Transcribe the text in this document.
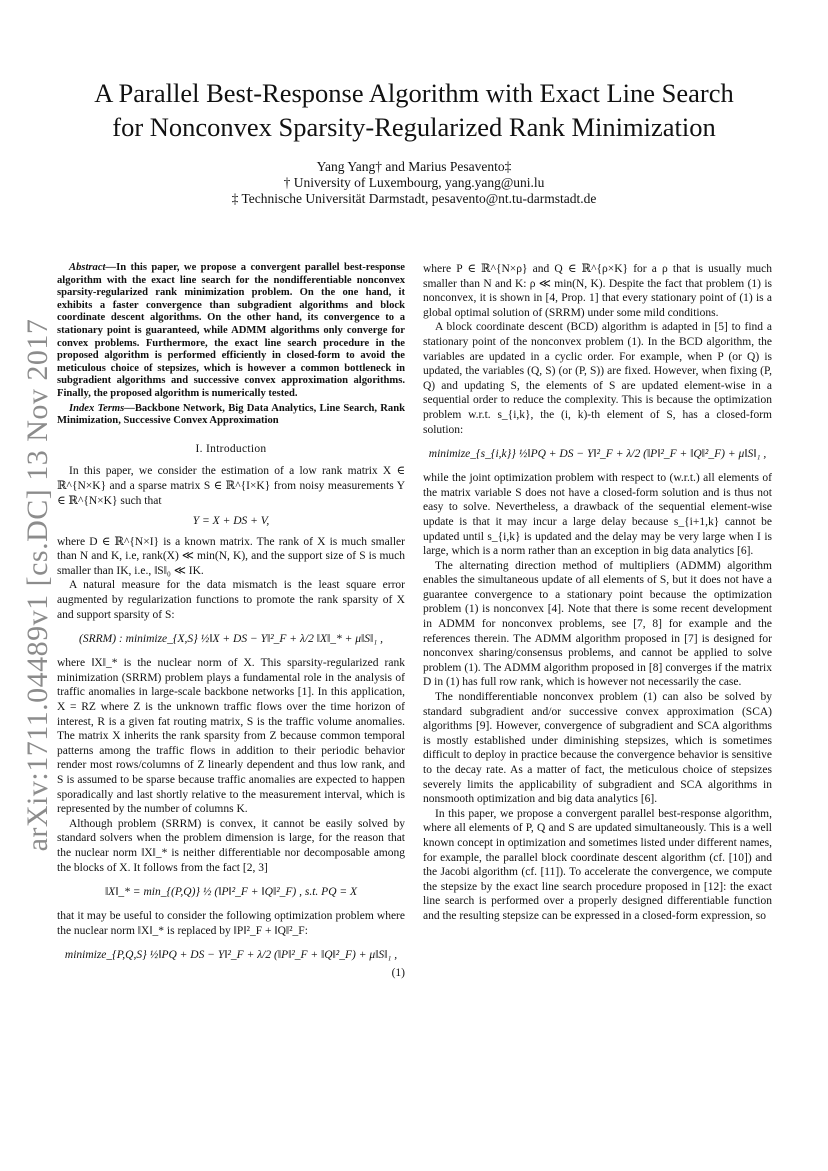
arXiv:1711.04489v1 [cs.DC] 13 Nov 2017
A Parallel Best-Response Algorithm with Exact Line Search
for Nonconvex Sparsity-Regularized Rank Minimization
Yang Yang† and Marius Pesavento‡
† University of Luxembourg, yang.yang@uni.lu
‡ Technische Universität Darmstadt, pesavento@nt.tu-darmstadt.de

Abstract—In this paper, we propose a convergent parallel best-response algorithm with the exact line search for the nondifferentiable nonconvex sparsity-regularized rank minimization problem. On the one hand, it exhibits a faster convergence than subgradient algorithms and block coordinate descent algorithms. On the other hand, its convergence to a stationary point is guaranteed, while ADMM algorithms only converge for convex problems. Furthermore, the exact line search procedure in the proposed algorithm is performed efficiently in closed-form to avoid the meticulous choice of stepsizes, which is however a common bottleneck in subgradient algorithms and successive convex approximation algorithms. Finally, the proposed algorithm is numerically tested.

Index Terms—Backbone Network, Big Data Analytics, Line Search, Rank Minimization, Successive Convex Approximation

I. Introduction

In this paper, we consider the estimation of a low rank matrix X ∈ ℝ^{N×K} and a sparse matrix S ∈ ℝ^{I×K} from noisy measurements Y ∈ ℝ^{N×K} such that

Y = X + DS + V,

where D ∈ ℝ^{N×I} is a known matrix. The rank of X is much smaller than N and K, i.e, rank(X) ≪ min(N, K), and the support size of S is much smaller than IK, i.e., ‖S‖₀ ≪ IK.

A natural measure for the data mismatch is the least square error augmented by regularization functions to promote the rank sparsity of X and support sparsity of S:

(SRRM) : minimize_{X,S} ½‖X + DS − Y‖²_F + λ/2 ‖X‖_* + μ‖S‖₁ ,

where ‖X‖_* is the nuclear norm of X. This sparsity-regularized rank minimization (SRRM) problem plays a fundamental role in the analysis of traffic anomalies in large-scale backbone networks [1]. In this application, X = RZ where Z is the unknown traffic flows over the time horizon of interest, R is a given fat routing matrix, S is the traffic volume anomalies. The matrix X inherits the rank sparsity from Z because common temporal patterns among the traffic flows in addition to their periodic behavior render most rows/columns of Z linearly dependent and thus low rank, and S is assumed to be sparse because traffic anomalies are expected to happen sporadically and last shortly relative to the measurement interval, which is represented by the number of columns K.

Although problem (SRRM) is convex, it cannot be easily solved by standard solvers when the problem dimension is large, for the reason that the nuclear norm ‖X‖_* is neither differentiable nor decomposable among the blocks of X. It follows from the fact [2, 3]

‖X‖_* = min_{(P,Q)} ½ (‖P‖²_F + ‖Q‖²_F) , s.t. PQ = X

that it may be useful to consider the following optimization problem where the nuclear norm ‖X‖_* is replaced by ‖P‖²_F + ‖Q‖²_F:

minimize_{P,Q,S} ½‖PQ + DS − Y‖²_F + λ/2 (‖P‖²_F + ‖Q‖²_F) + μ‖S‖₁ ,

(1)

where P ∈ ℝ^{N×ρ} and Q ∈ ℝ^{ρ×K} for a ρ that is usually much smaller than N and K: ρ ≪ min(N, K). Despite the fact that problem (1) is nonconvex, it is shown in [4, Prop. 1] that every stationary point of (1) is a global optimal solution of (SRRM) under some mild conditions.

A block coordinate descent (BCD) algorithm is adapted in [5] to find a stationary point of the nonconvex problem (1). In the BCD algorithm, the variables are updated in a cyclic order. For example, when P (or Q) is updated, the variables (Q, S) (or (P, S)) are fixed. However, when fixing (P, Q) and updating S, the elements of S are updated element-wise in a sequential order to reduce the complexity. This is because the optimization problem w.r.t. s_{i,k}, the (i, k)-th element of S, has a closed-form solution:

minimize_{s_{i,k}} ½‖PQ + DS − Y‖²_F + λ/2 (‖P‖²_F + ‖Q‖²_F) + μ‖S‖₁ ,

while the joint optimization problem with respect to (w.r.t.) all elements of the matrix variable S does not have a closed-form solution and is thus not easy to solve. Nevertheless, a drawback of the sequential element-wise update is that it may incur a large delay because s_{i+1,k} cannot be updated until s_{i,k} is updated and the delay may be very large when I is large, which is a norm rather than an exception in big data analytics [6].

The alternating direction method of multipliers (ADMM) algorithm enables the simultaneous update of all elements of S, but it does not have a guarantee convergence to a stationary point because the optimization problem (1) is nonconvex [4]. Note that there is some recent development in ADMM for nonconvex problems, see [7, 8] for example and the references therein. The ADMM algorithm proposed in [7] is designed for nonconvex sharing/consensus problems, and cannot be applied to solve problem (1). The ADMM algorithm proposed in [8] converges if the matrix D in (1) has full row rank, which is however not necessarily the case.

The nondifferentiable nonconvex problem (1) can also be solved by standard subgradient and/or successive convex approximation (SCA) algorithms [9]. However, convergence of subgradient and SCA algorithms is mostly established under diminishing stepsizes, which is sometimes difficult to deploy in practice because the convergence behavior is sensitive to the decay rate. As a matter of fact, the meticulous choice of stepsizes severely limits the applicability of subgradient and SCA algorithms in nonsmooth optimization and big data analytics [6].

In this paper, we propose a convergent parallel best-response algorithm, where all elements of P, Q and S are updated simultaneously. This is a well known concept in optimization and sometimes listed under different names, for example, the parallel block coordinate descent algorithm (cf. [10]) and the Jacobi algorithm (cf. [11]). To accelerate the convergence, we compute the stepsize by the exact line search procedure proposed in [12]: the exact line search is performed over a properly designed differentiable function and the resulting stepsize can be expressed in a closed-form expression, so
